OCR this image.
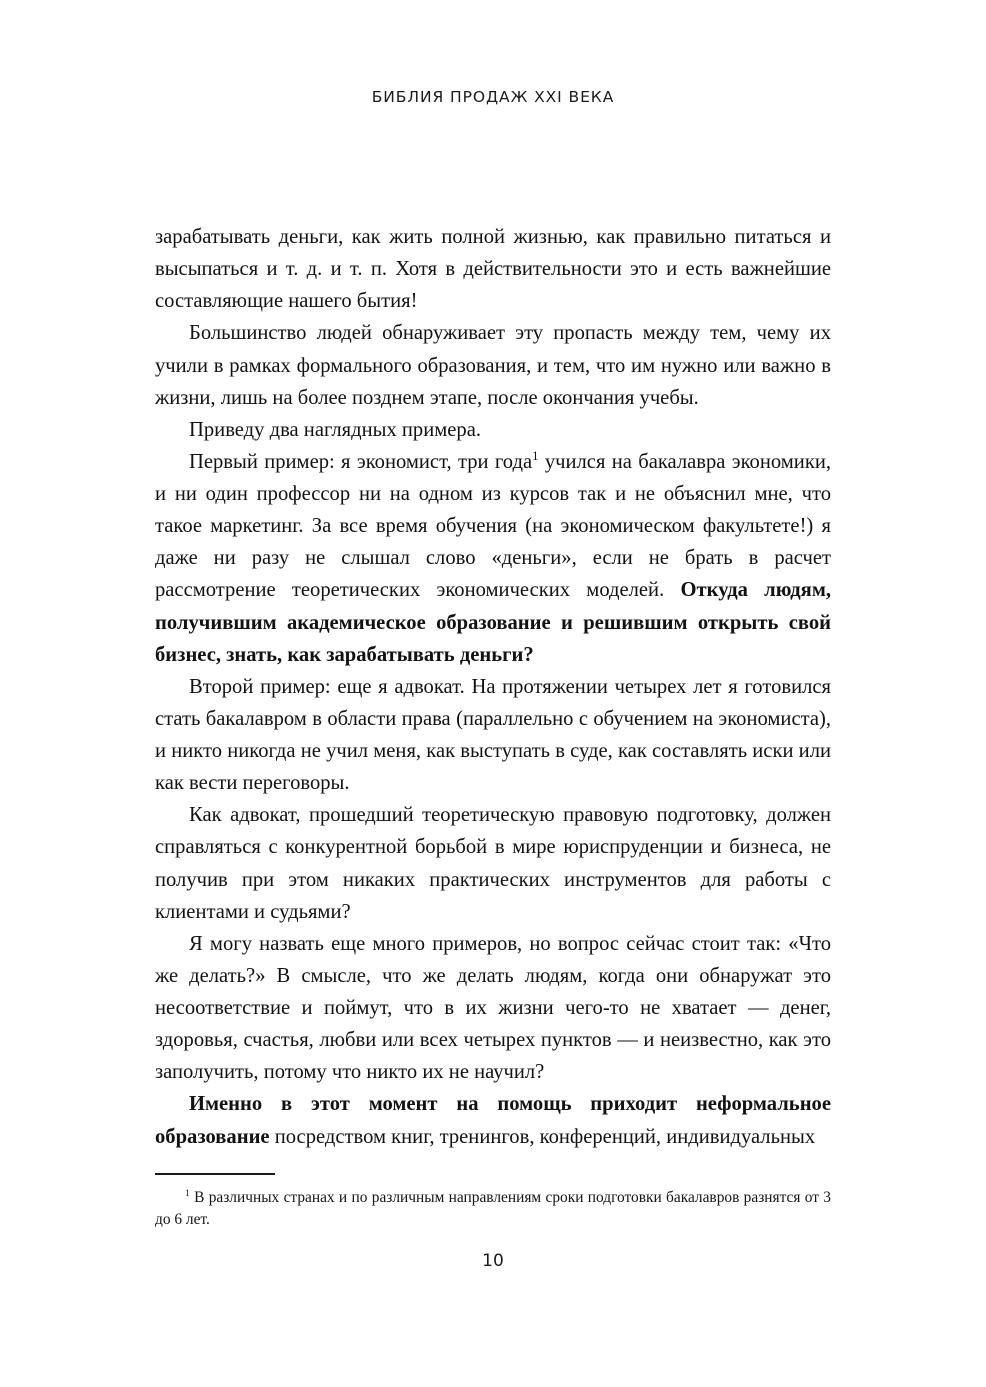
БИБЛИЯ ПРОДАЖ XXI ВЕКА

зарабатывать деньги, как жить полной жизнью, как правильно питаться и высыпаться и т. д. и т. п. Хотя в действительности это и есть важнейшие составляющие нашего бытия!

Большинство людей обнаруживает эту пропасть между тем, чему их учили в рамках формального образования, и тем, что им нужно или важно в жизни, лишь на более позднем этапе, после окончания учебы.

Приведу два наглядных примера.

Первый пример: я экономист, три года$^1$ учился на бакалавра экономики, и ни один профессор ни на одном из курсов так и не объяснил мне, что такое маркетинг. За все время обучения (на экономическом факультете!) я даже ни разу не слышал слово «деньги», если не брать в расчет рассмотрение теоретических экономических моделей. Откуда людям, получившим академическое образование и решившим открыть свой бизнес, знать, как зарабатывать деньги?

Второй пример: еще я адвокат. На протяжении четырех лет я готовился стать бакалавром в области права (параллельно с обучением на экономиста), и никто никогда не учил меня, как выступать в суде, как составлять иски или как вести переговоры.

Как адвокат, прошедший теоретическую правовую подготовку, должен справляться с конкурентной борьбой в мире юриспруденции и бизнеса, не получив при этом никаких практических инструментов для работы с клиентами и судьями?

Я могу назвать еще много примеров, но вопрос сейчас стоит так: «Что же делать?» В смысле, что же делать людям, когда они обнаружат это несоответствие и поймут, что в их жизни чего-то не хватает — денег, здоровья, счастья, любви или всех четырех пунктов — и неизвестно, как это заполучить, потому что никто их не научил?

Именно в этот момент на помощь приходит неформальное образование посредством книг, тренингов, конференций, индивидуальных

$^1$ В различных странах и по различным направлениям сроки подготовки бакалавров разнятся от 3 до 6 лет.

10
